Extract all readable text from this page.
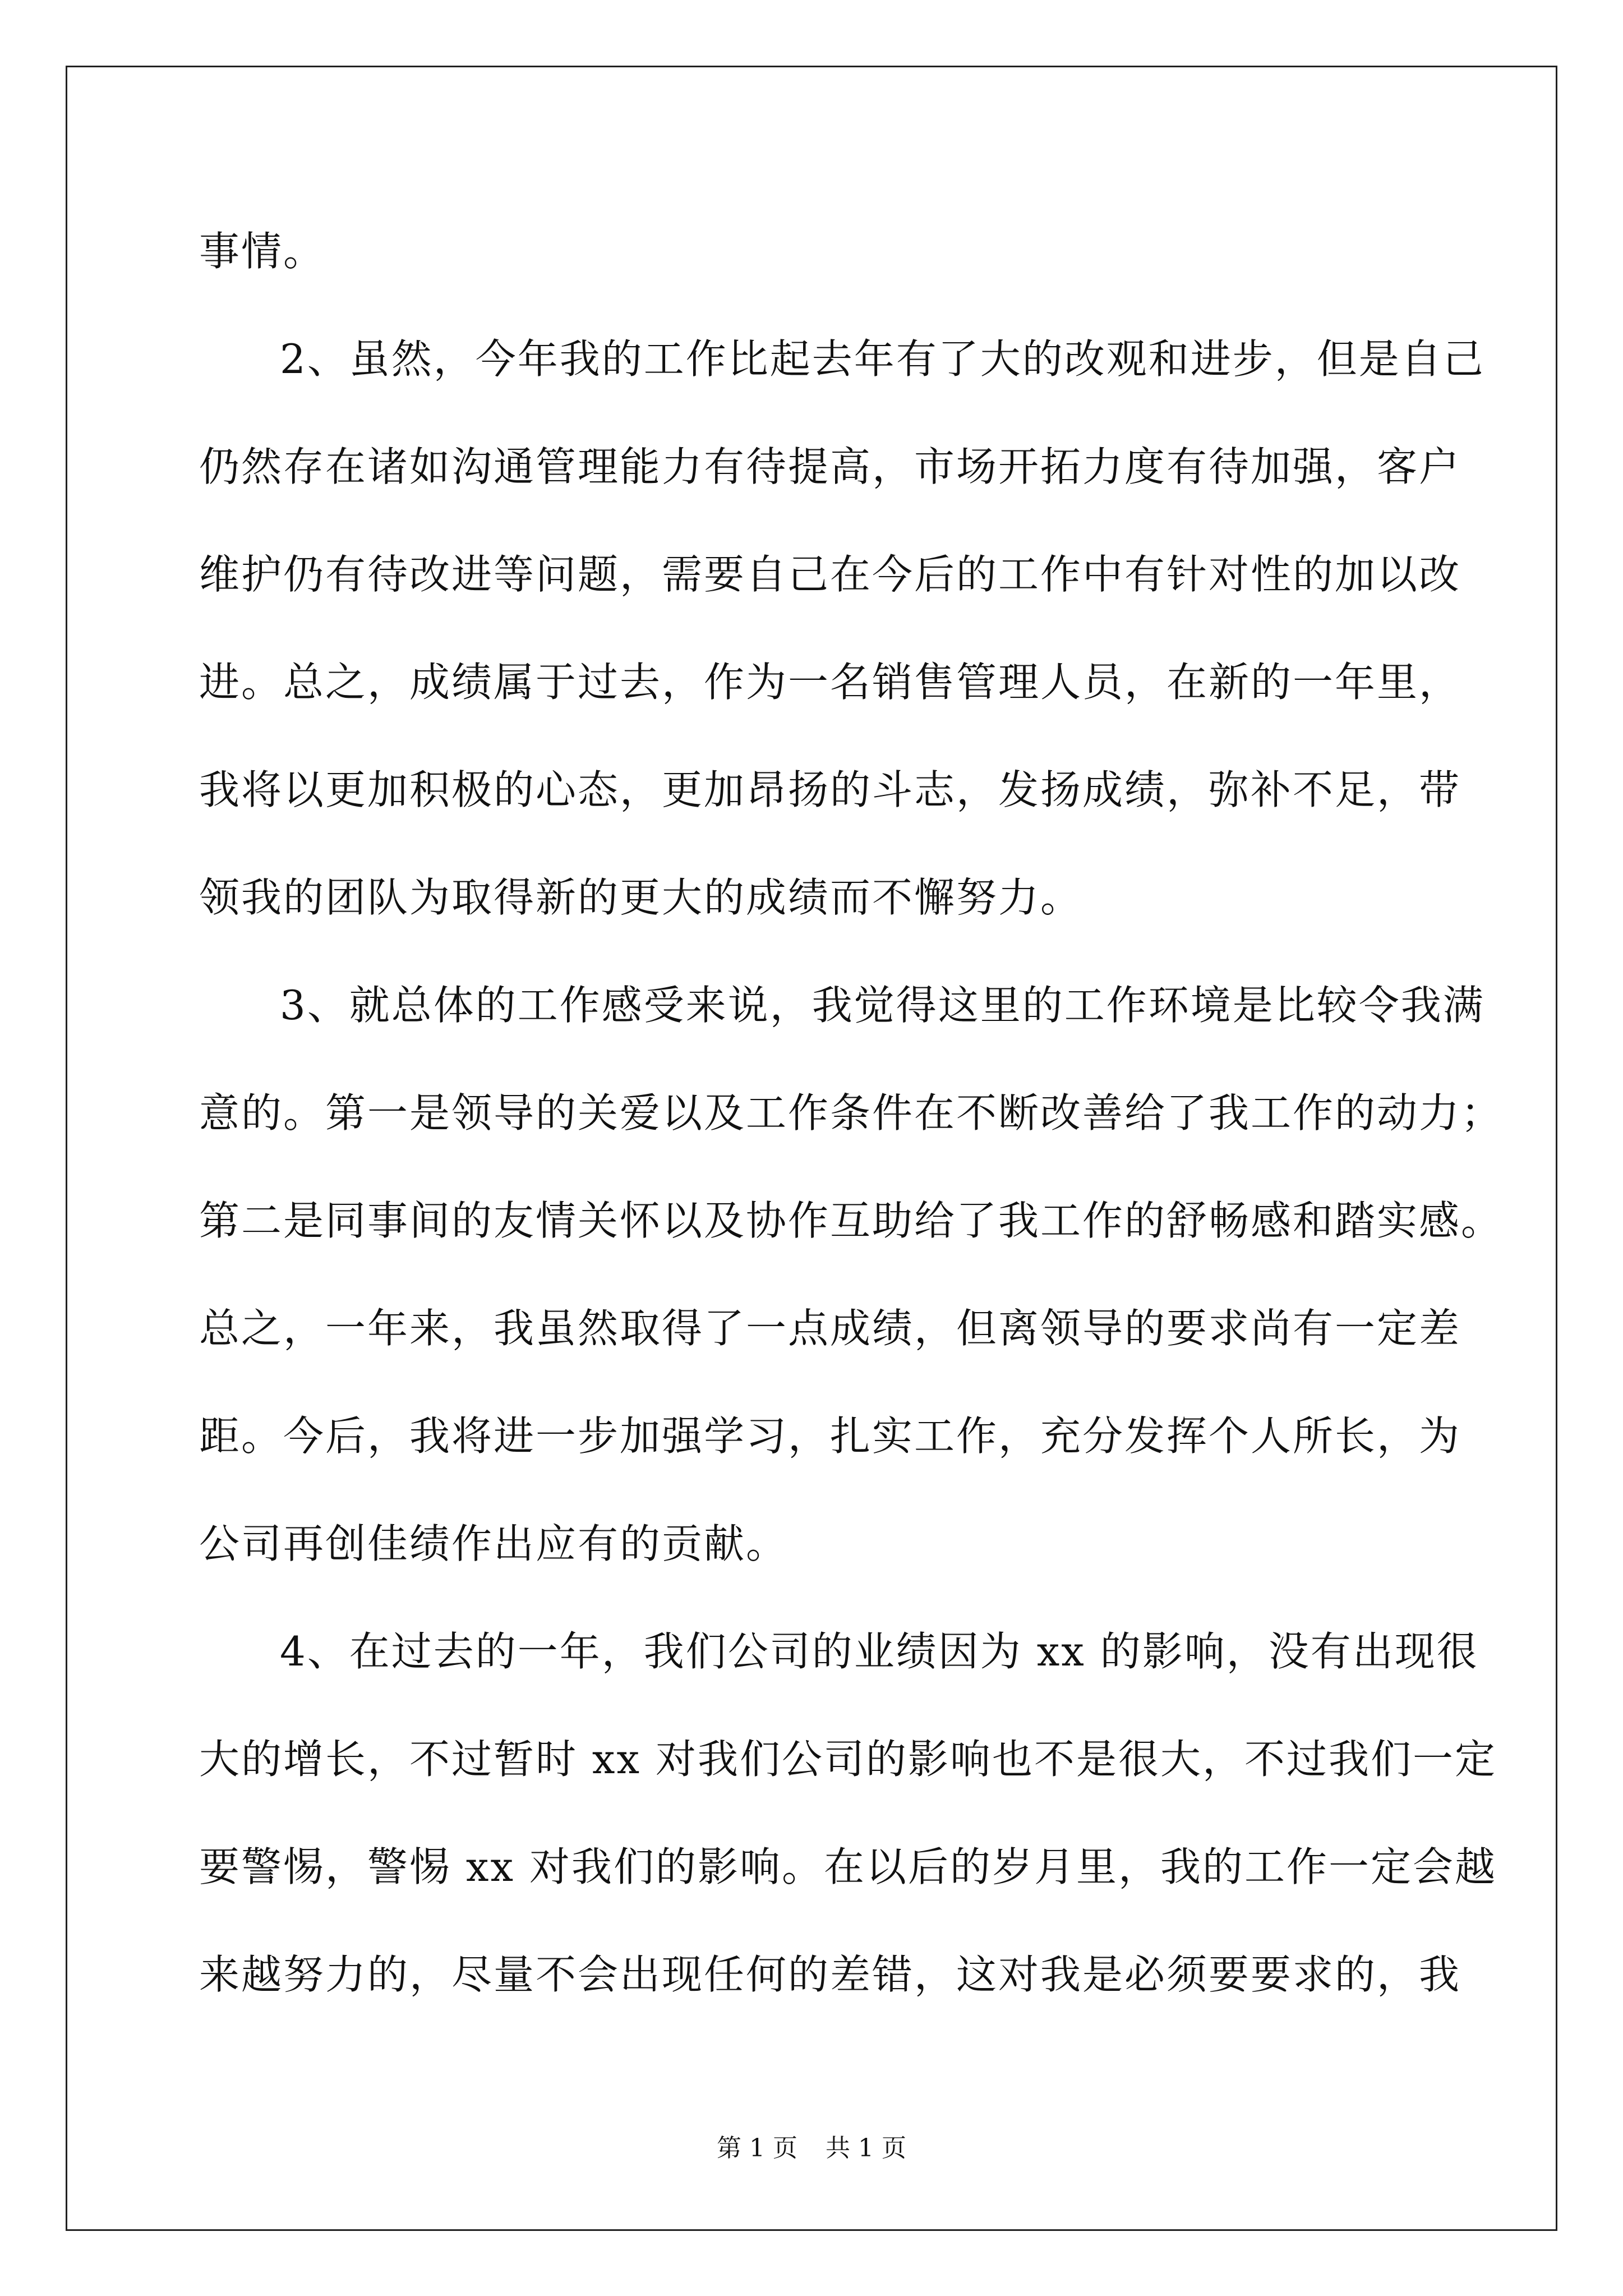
事情。
2、虽然，今年我的工作比起去年有了大的改观和进步，但是自己
仍然存在诸如沟通管理能力有待提高，市场开拓力度有待加强，客户
维护仍有待改进等问题，需要自己在今后的工作中有针对性的加以改
进。总之，成绩属于过去，作为一名销售管理人员，在新的一年里，
我将以更加积极的心态，更加昂扬的斗志，发扬成绩，弥补不足，带
领我的团队为取得新的更大的成绩而不懈努力。
3、就总体的工作感受来说，我觉得这里的工作环境是比较令我满
意的。第一是领导的关爱以及工作条件在不断改善给了我工作的动力；
第二是同事间的友情关怀以及协作互助给了我工作的舒畅感和踏实感。
总之，一年来，我虽然取得了一点成绩，但离领导的要求尚有一定差
距。今后，我将进一步加强学习，扎实工作，充分发挥个人所长，为
公司再创佳绩作出应有的贡献。
4、在过去的一年，我们公司的业绩因为 xx 的影响，没有出现很
大的增长，不过暂时 xx 对我们公司的影响也不是很大，不过我们一定
要警惕，警惕 xx 对我们的影响。在以后的岁月里，我的工作一定会越
来越努力的，尽量不会出现任何的差错，这对我是必须要要求的，我
第 1 页 共 1 页
